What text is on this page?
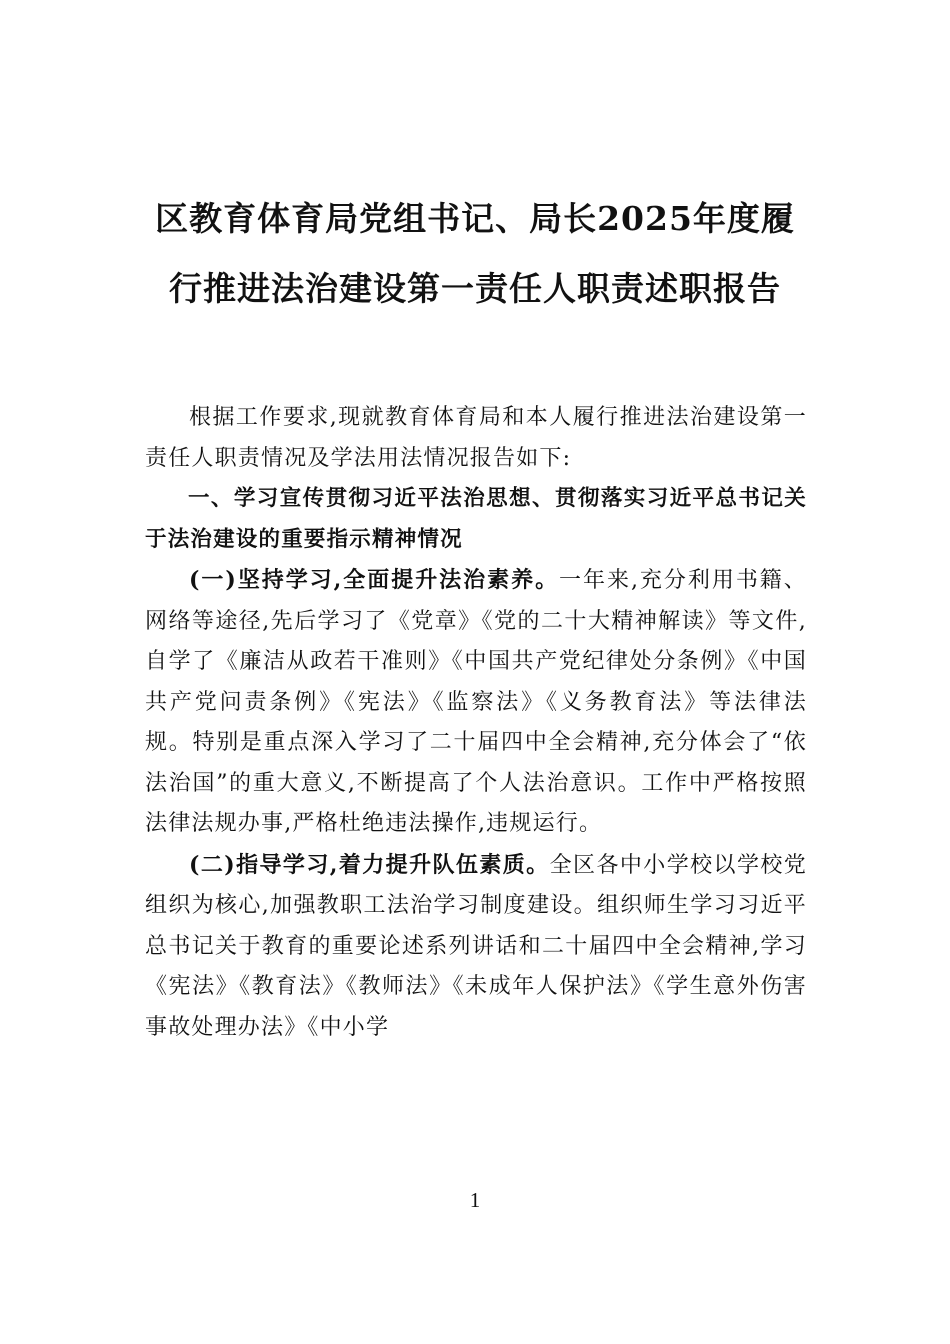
区教育体育局党组书记、局长2025年度履
行推进法治建设第一责任人职责述职报告

根据工作要求,现就教育体育局和本人履行推进法治建设第一责任人职责情况及学法用法情况报告如下:

一、学习宣传贯彻习近平法治思想、贯彻落实习近平总书记关于法治建设的重要指示精神情况

(一)坚持学习,全面提升法治素养。一年来,充分利用书籍、网络等途径,先后学习了《党章》《党的二十大精神解读》等文件,自学了《廉洁从政若干准则》《中国共产党纪律处分条例》《中国共产党问责条例》《宪法》《监察法》《义务教育法》等法律法规。特别是重点深入学习了二十届四中全会精神,充分体会了“依法治国”的重大意义,不断提高了个人法治意识。工作中严格按照法律法规办事,严格杜绝违法操作,违规运行。

(二)指导学习,着力提升队伍素质。全区各中小学校以学校党组织为核心,加强教职工法治学习制度建设。组织师生学习习近平总书记关于教育的重要论述系列讲话和二十届四中全会精神,学习《宪法》《教育法》《教师法》《未成年人保护法》《学生意外伤害事故处理办法》《中小学

1
